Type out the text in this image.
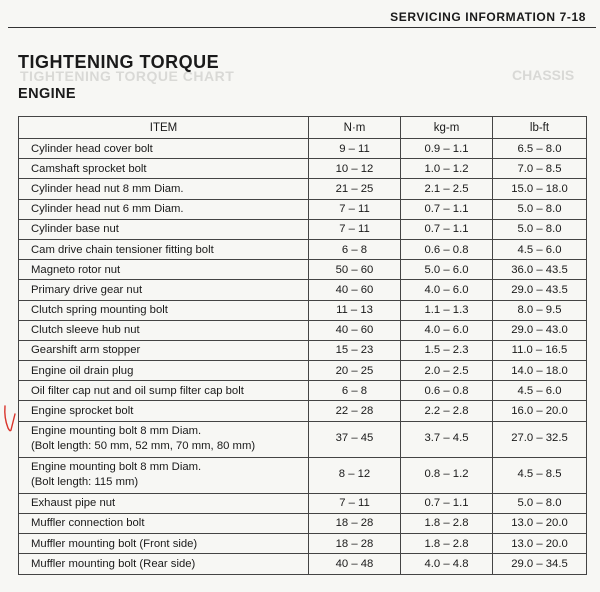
SERVICING INFORMATION 7-18
TIGHTENING TORQUE CHART	CHASSIS
TIGHTENING TORQUE
ENGINE
ITEM	N·m	kg-m	lb-ft
Cylinder head cover bolt	9 – 11	0.9 – 1.1	6.5 – 8.0
Camshaft sprocket bolt	10 – 12	1.0 – 1.2	7.0 – 8.5
Cylinder head nut 8 mm Diam.	21 – 25	2.1 – 2.5	15.0 – 18.0
Cylinder head nut 6 mm Diam.	7 – 11	0.7 – 1.1	5.0 – 8.0
Cylinder base nut	7 – 11	0.7 – 1.1	5.0 – 8.0
Cam drive chain tensioner fitting bolt	6 – 8	0.6 – 0.8	4.5 – 6.0
Magneto rotor nut	50 – 60	5.0 – 6.0	36.0 – 43.5
Primary drive gear nut	40 – 60	4.0 – 6.0	29.0 – 43.5
Clutch spring mounting bolt	11 – 13	1.1 – 1.3	8.0 – 9.5
Clutch sleeve hub nut	40 – 60	4.0 – 6.0	29.0 – 43.0
Gearshift arm stopper	15 – 23	1.5 – 2.3	11.0 – 16.5
Engine oil drain plug	20 – 25	2.0 – 2.5	14.0 – 18.0
Oil filter cap nut and oil sump filter cap bolt	6 – 8	0.6 – 0.8	4.5 – 6.0
Engine sprocket bolt	22 – 28	2.2 – 2.8	16.0 – 20.0
Engine mounting bolt 8 mm Diam.
(Bolt length: 50 mm, 52 mm, 70 mm, 80 mm)	37 – 45	3.7 – 4.5	27.0 – 32.5
Engine mounting bolt 8 mm Diam.
(Bolt length: 115 mm)	8 – 12	0.8 – 1.2	4.5 – 8.5
Exhaust pipe nut	7 – 11	0.7 – 1.1	5.0 – 8.0
Muffler connection bolt	18 – 28	1.8 – 2.8	13.0 – 20.0
Muffler mounting bolt (Front side)	18 – 28	1.8 – 2.8	13.0 – 20.0
Muffler mounting bolt (Rear side)	40 – 48	4.0 – 4.8	29.0 – 34.5
